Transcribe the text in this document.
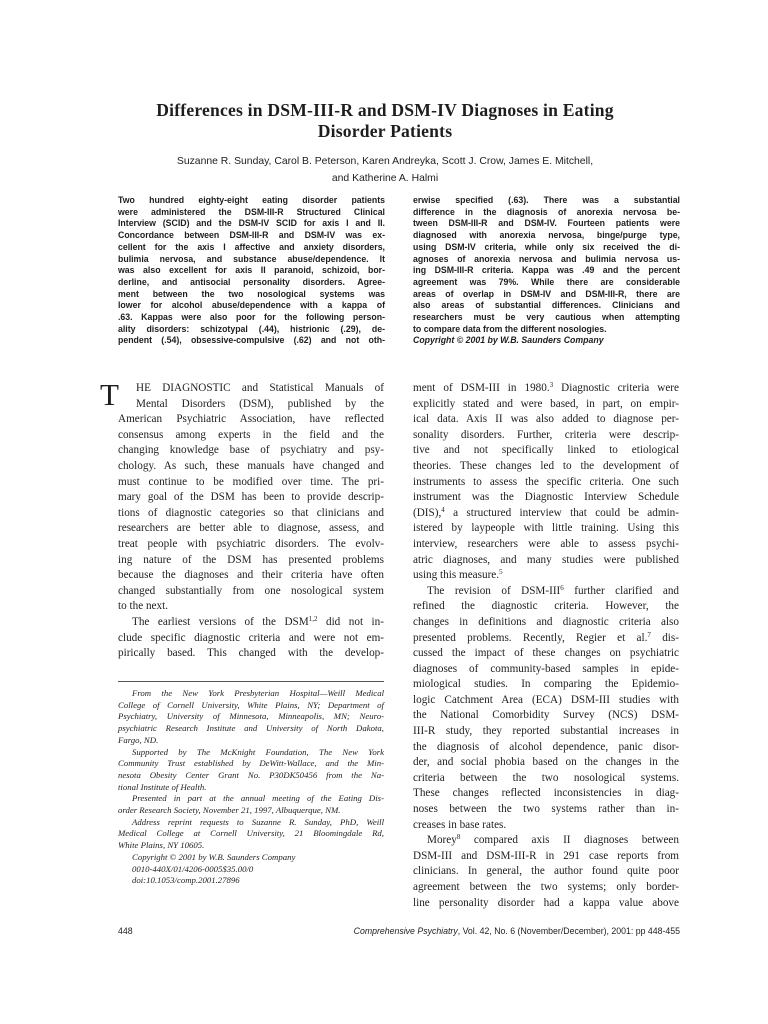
Differences in DSM-III-R and DSM-IV Diagnoses in Eating
Disorder Patients

Suzanne R. Sunday, Carol B. Peterson, Karen Andreyka, Scott J. Crow, James E. Mitchell,
and Katherine A. Halmi

Two hundred eighty-eight eating disorder patients
were administered the DSM-III-R Structured Clinical
Interview (SCID) and the DSM-IV SCID for axis I and II.
Concordance between DSM-III-R and DSM-IV was ex-
cellent for the axis I affective and anxiety disorders,
bulimia nervosa, and substance abuse/dependence. It
was also excellent for axis II paranoid, schizoid, bor-
derline, and antisocial personality disorders. Agree-
ment between the two nosological systems was
lower for alcohol abuse/dependence with a kappa of
.63. Kappas were also poor for the following person-
ality disorders: schizotypal (.44), histrionic (.29), de-
pendent (.54), obsessive-compulsive (.62) and not oth-
erwise specified (.63). There was a substantial
difference in the diagnosis of anorexia nervosa be-
tween DSM-III-R and DSM-IV. Fourteen patients were
diagnosed with anorexia nervosa, binge/purge type,
using DSM-IV criteria, while only six received the di-
agnoses of anorexia nervosa and bulimia nervosa us-
ing DSM-III-R criteria. Kappa was .49 and the percent
agreement was 79%. While there are considerable
areas of overlap in DSM-IV and DSM-III-R, there are
also areas of substantial differences. Clinicians and
researchers must be very cautious when attempting
to compare data from the different nosologies.
Copyright © 2001 by W.B. Saunders Company
T HE DIAGNOSTIC and Statistical Manuals of
Mental Disorders (DSM), published by the
American Psychiatric Association, have reflected
consensus among experts in the field and the
changing knowledge base of psychiatry and psy-
chology. As such, these manuals have changed and
must continue to be modified over time. The pri-
mary goal of the DSM has been to provide descrip-
tions of diagnostic categories so that clinicians and
researchers are better able to diagnose, assess, and
treat people with psychiatric disorders. The evolv-
ing nature of the DSM has presented problems
because the diagnoses and their criteria have often
changed substantially from one nosological system
to the next.
The earliest versions of the DSM$^{1,2}$ did not in-
clude specific diagnostic criteria and were not em-
pirically based. This changed with the develop-
From the New York Presbyterian Hospital—Weill Medical
College of Cornell University, White Plains, NY; Department of
Psychiatry, University of Minnesota, Minneapolis, MN; Neuro-
psychiatric Research Institute and University of North Dakota,
Fargo, ND.
Supported by The McKnight Foundation, The New York
Community Trust established by DeWitt-Wallace, and the Min-
nesota Obesity Center Grant No. P30DK50456 from the Na-
tional Institute of Health.
Presented in part at the annual meeting of the Eating Dis-
order Research Society, November 21, 1997, Albuquerque, NM.
Address reprint requests to Suzanne R. Sunday, PhD, Weill
Medical College at Cornell University, 21 Bloomingdale Rd,
White Plains, NY 10605.
Copyright © 2001 by W.B. Saunders Company
0010-440X/01/4206-0005$35.00/0
doi:10.1053/comp.2001.27896
ment of DSM-III in 1980.$^3$ Diagnostic criteria were
explicitly stated and were based, in part, on empir-
ical data. Axis II was also added to diagnose per-
sonality disorders. Further, criteria were descrip-
tive and not specifically linked to etiological
theories. These changes led to the development of
instruments to assess the specific criteria. One such
instrument was the Diagnostic Interview Schedule
(DIS),$^4$ a structured interview that could be admin-
istered by laypeople with little training. Using this
interview, researchers were able to assess psychi-
atric diagnoses, and many studies were published
using this measure.$^5$
The revision of DSM-III$^6$ further clarified and
refined the diagnostic criteria. However, the
changes in definitions and diagnostic criteria also
presented problems. Recently, Regier et al.$^7$ dis-
cussed the impact of these changes on psychiatric
diagnoses of community-based samples in epide-
miological studies. In comparing the Epidemio-
logic Catchment Area (ECA) DSM-III studies with
the National Comorbidity Survey (NCS) DSM-
III-R study, they reported substantial increases in
the diagnosis of alcohol dependence, panic disor-
der, and social phobia based on the changes in the
criteria between the two nosological systems.
These changes reflected inconsistencies in diag-
noses between the two systems rather than in-
creases in base rates.
Morey$^8$ compared axis II diagnoses between
DSM-III and DSM-III-R in 291 case reports from
clinicians. In general, the author found quite poor
agreement between the two systems; only border-
line personality disorder had a kappa value above

448	Comprehensive Psychiatry, Vol. 42, No. 6 (November/December), 2001: pp 448-455
